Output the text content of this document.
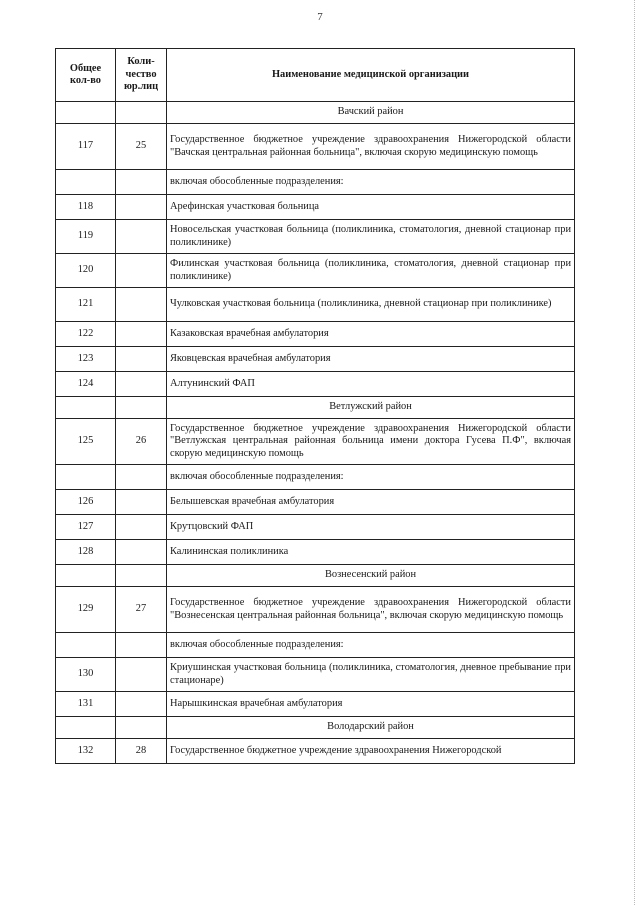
7
Общее кол-во	Коли-чество юр.лиц	Наименование медицинской организации
		Вачский район
117	25	Государственное бюджетное учреждение здравоохранения Нижегородской области "Вачская центральная районная больница", включая скорую медицинскую помощь
		включая обособленные подразделения:
118		Арефинская участковая больница
119		Новосельская участковая больница (поликлиника, стоматология, дневной стационар при поликлинике)
120		Филинская участковая больница (поликлиника, стоматология, дневной стационар при поликлинике)
121		Чулковская участковая больница (поликлиника, дневной стационар при поликлинике)
122		Казаковская врачебная амбулатория
123		Яковцевская врачебная амбулатория
124		Алтунинский ФАП
		Ветлужский район
125	26	Государственное бюджетное учреждение здравоохранения Нижегородской области "Ветлужская центральная районная больница имени доктора Гусева П.Ф", включая скорую медицинскую помощь
		включая обособленные подразделения:
126		Белышевская врачебная амбулатория
127		Крутцовский ФАП
128		Калининская поликлиника
		Вознесенский район
129	27	Государственное бюджетное учреждение здравоохранения Нижегородской области "Вознесенская центральная районная больница", включая скорую медицинскую помощь
		включая обособленные подразделения:
130		Криушинская участковая больница (поликлиника, стоматология, дневное пребывание при стационаре)
131		Нарышкинская врачебная амбулатория
		Володарский район
132	28	Государственное бюджетное учреждение здравоохранения Нижегородской
